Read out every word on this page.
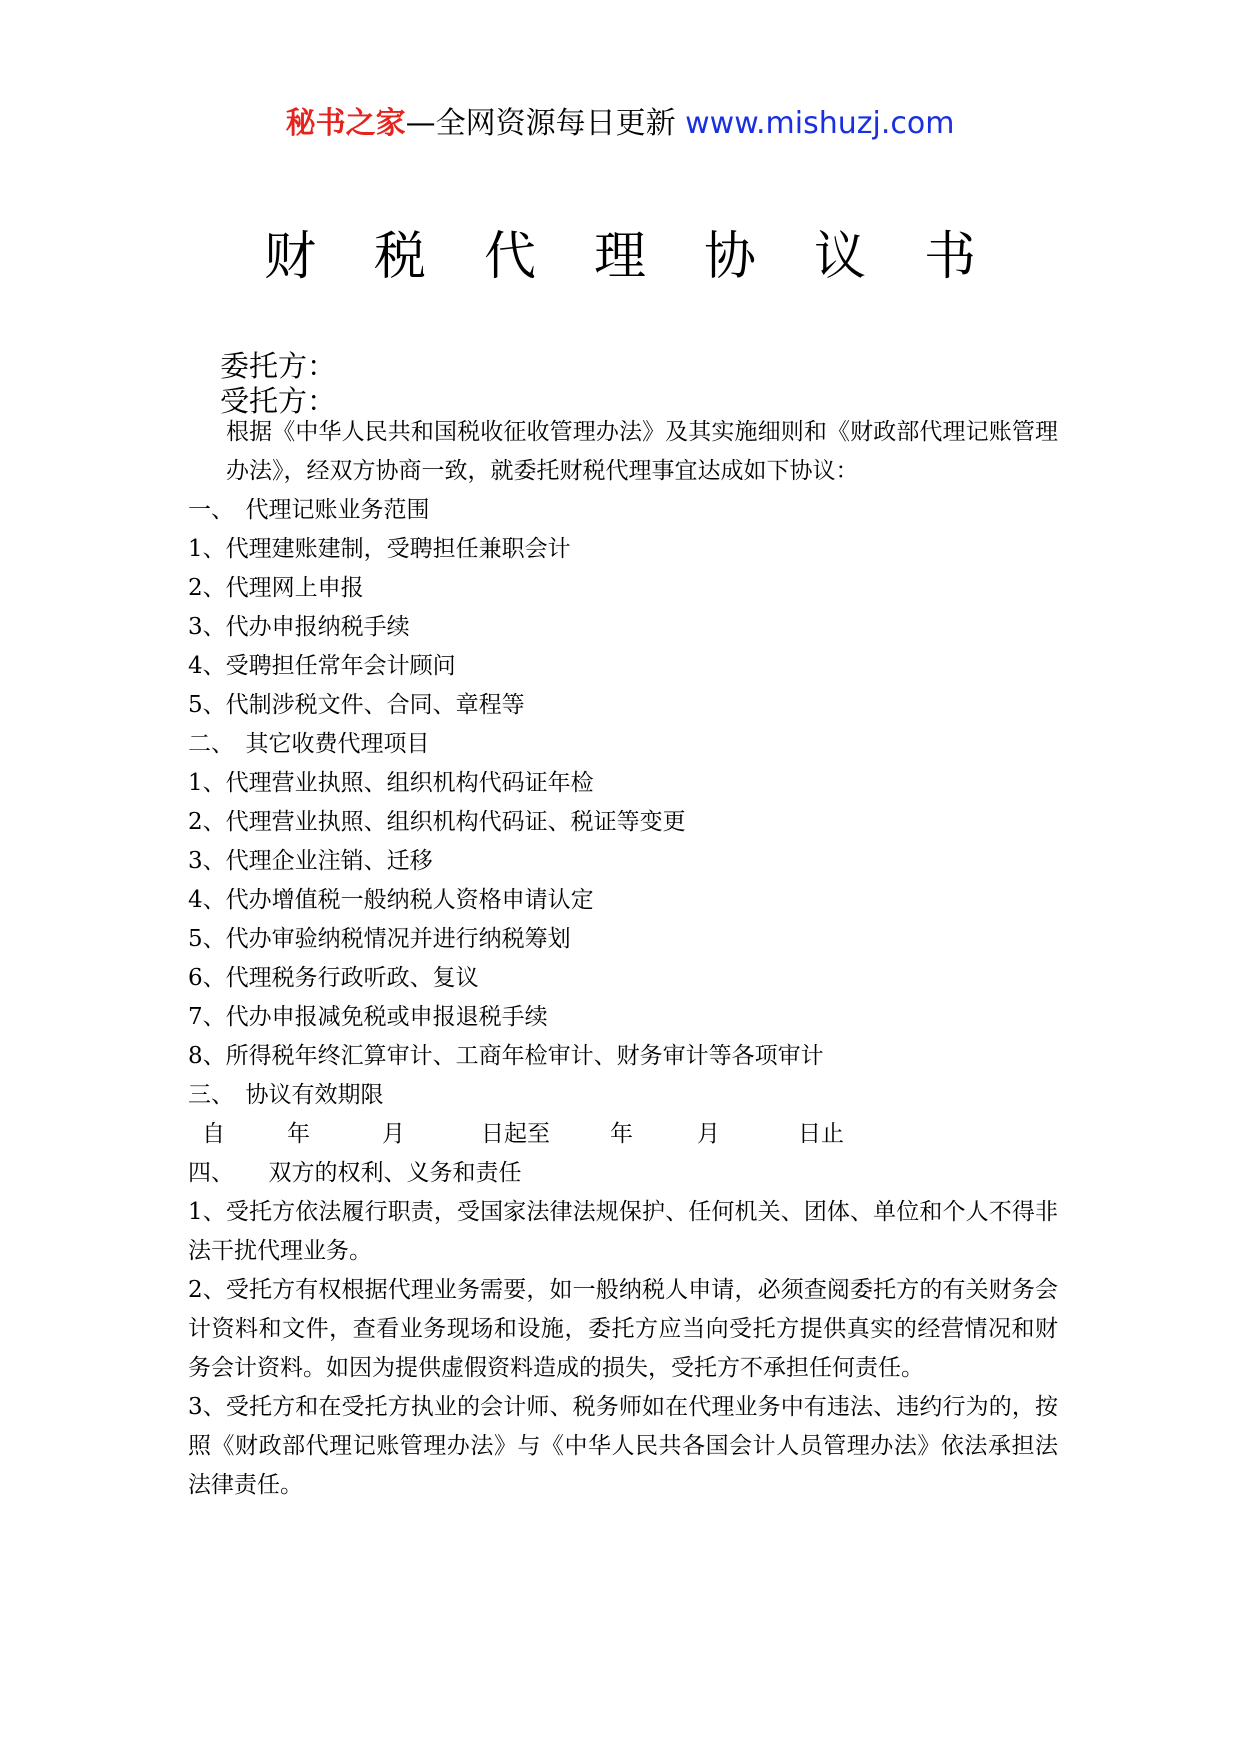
秘书之家—全网资源每日更新 www.mishuzj.com
财税代理协议书
委托方：
受托方：
根据《中华人民共和国税收征收管理办法》及其实施细则和《财政部代理记账管理办法》，经双方协商一致，就委托财税代理事宜达成如下协议：
一、　代理记账业务范围
1、代理建账建制，受聘担任兼职会计
2、代理网上申报
3、代办申报纳税手续
4、受聘担任常年会计顾问
5、代制涉税文件、合同、章程等
二、　其它收费代理项目
1、代理营业执照、组织机构代码证年检
2、代理营业执照、组织机构代码证、税证等变更
3、代理企业注销、迁移
4、代办增值税一般纳税人资格申请认定
5、代办审验纳税情况并进行纳税筹划
6、代理税务行政听政、复议
7、代办申报减免税或申报退税手续
8、所得税年终汇算审计、工商年检审计、财务审计等各项审计
三、　协议有效期限
自	年	月	日起至	年	月	日止
四、　　双方的权利、义务和责任
1、受托方依法履行职责，受国家法律法规保护、任何机关、团体、单位和个人不得非法干扰代理业务。
2、受托方有权根据代理业务需要，如一般纳税人申请，必须查阅委托方的有关财务会计资料和文件，查看业务现场和设施，委托方应当向受托方提供真实的经营情况和财务会计资料。如因为提供虚假资料造成的损失，受托方不承担任何责任。
3、受托方和在受托方执业的会计师、税务师如在代理业务中有违法、违约行为的，按照《财政部代理记账管理办法》与《中华人民共各国会计人员管理办法》依法承担法法律责任。
